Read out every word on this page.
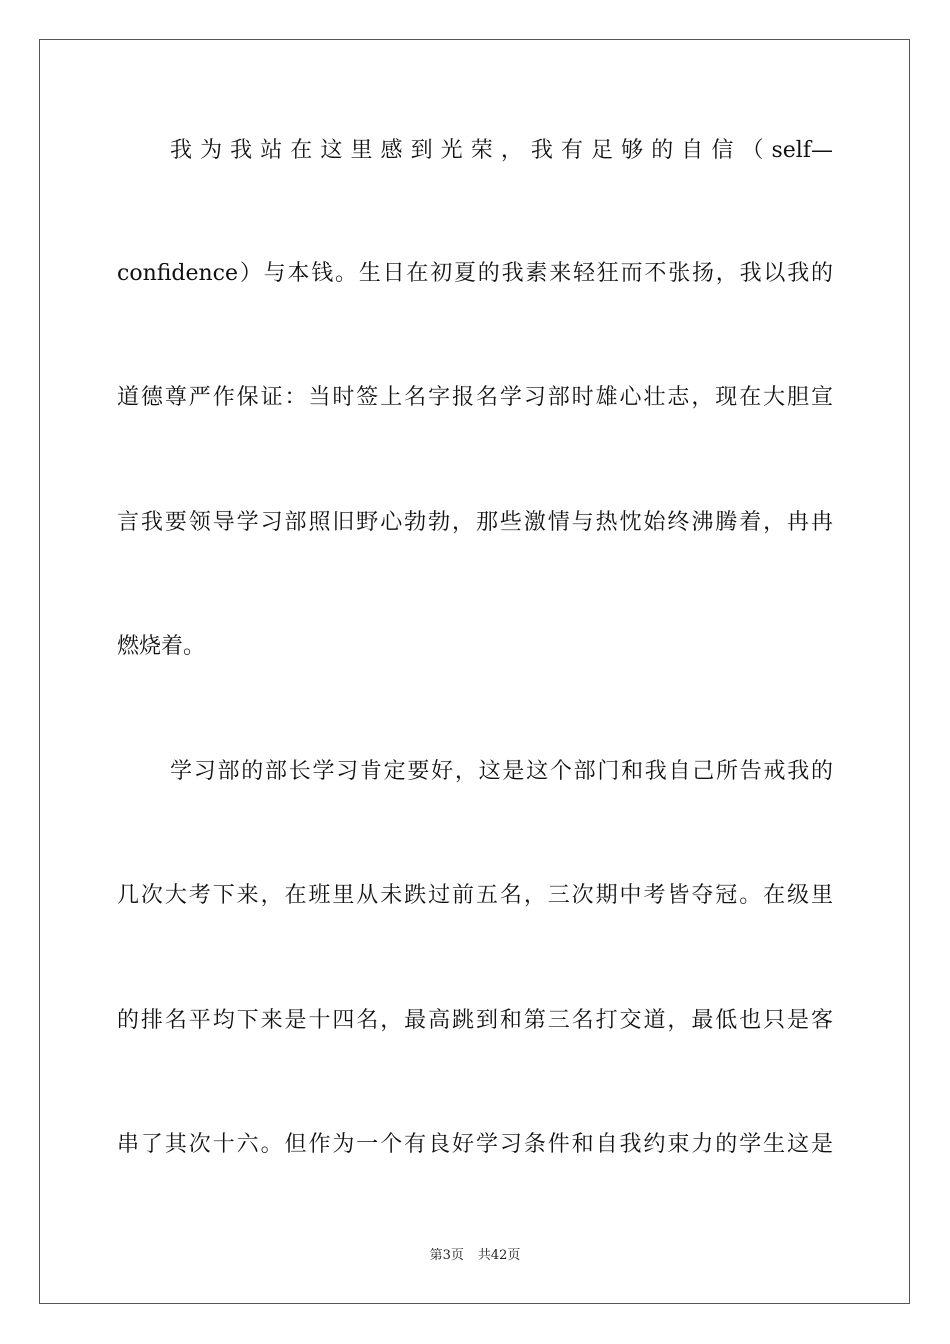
我为我站在这里感到光荣，我有足够的自信（self—
confidence）与本钱。生日在初夏的我素来轻狂而不张扬，我以我的
道德尊严作保证：当时签上名字报名学习部时雄心壮志，现在大胆宣
言我要领导学习部照旧野心勃勃，那些激情与热忱始终沸腾着，冉冉
燃烧着。
学习部的部长学习肯定要好，这是这个部门和我自己所告戒我的
几次大考下来，在班里从未跌过前五名，三次期中考皆夺冠。在级里
的排名平均下来是十四名，最高跳到和第三名打交道，最低也只是客
串了其次十六。但作为一个有良好学习条件和自我约束力的学生这是
第3页 共42页
